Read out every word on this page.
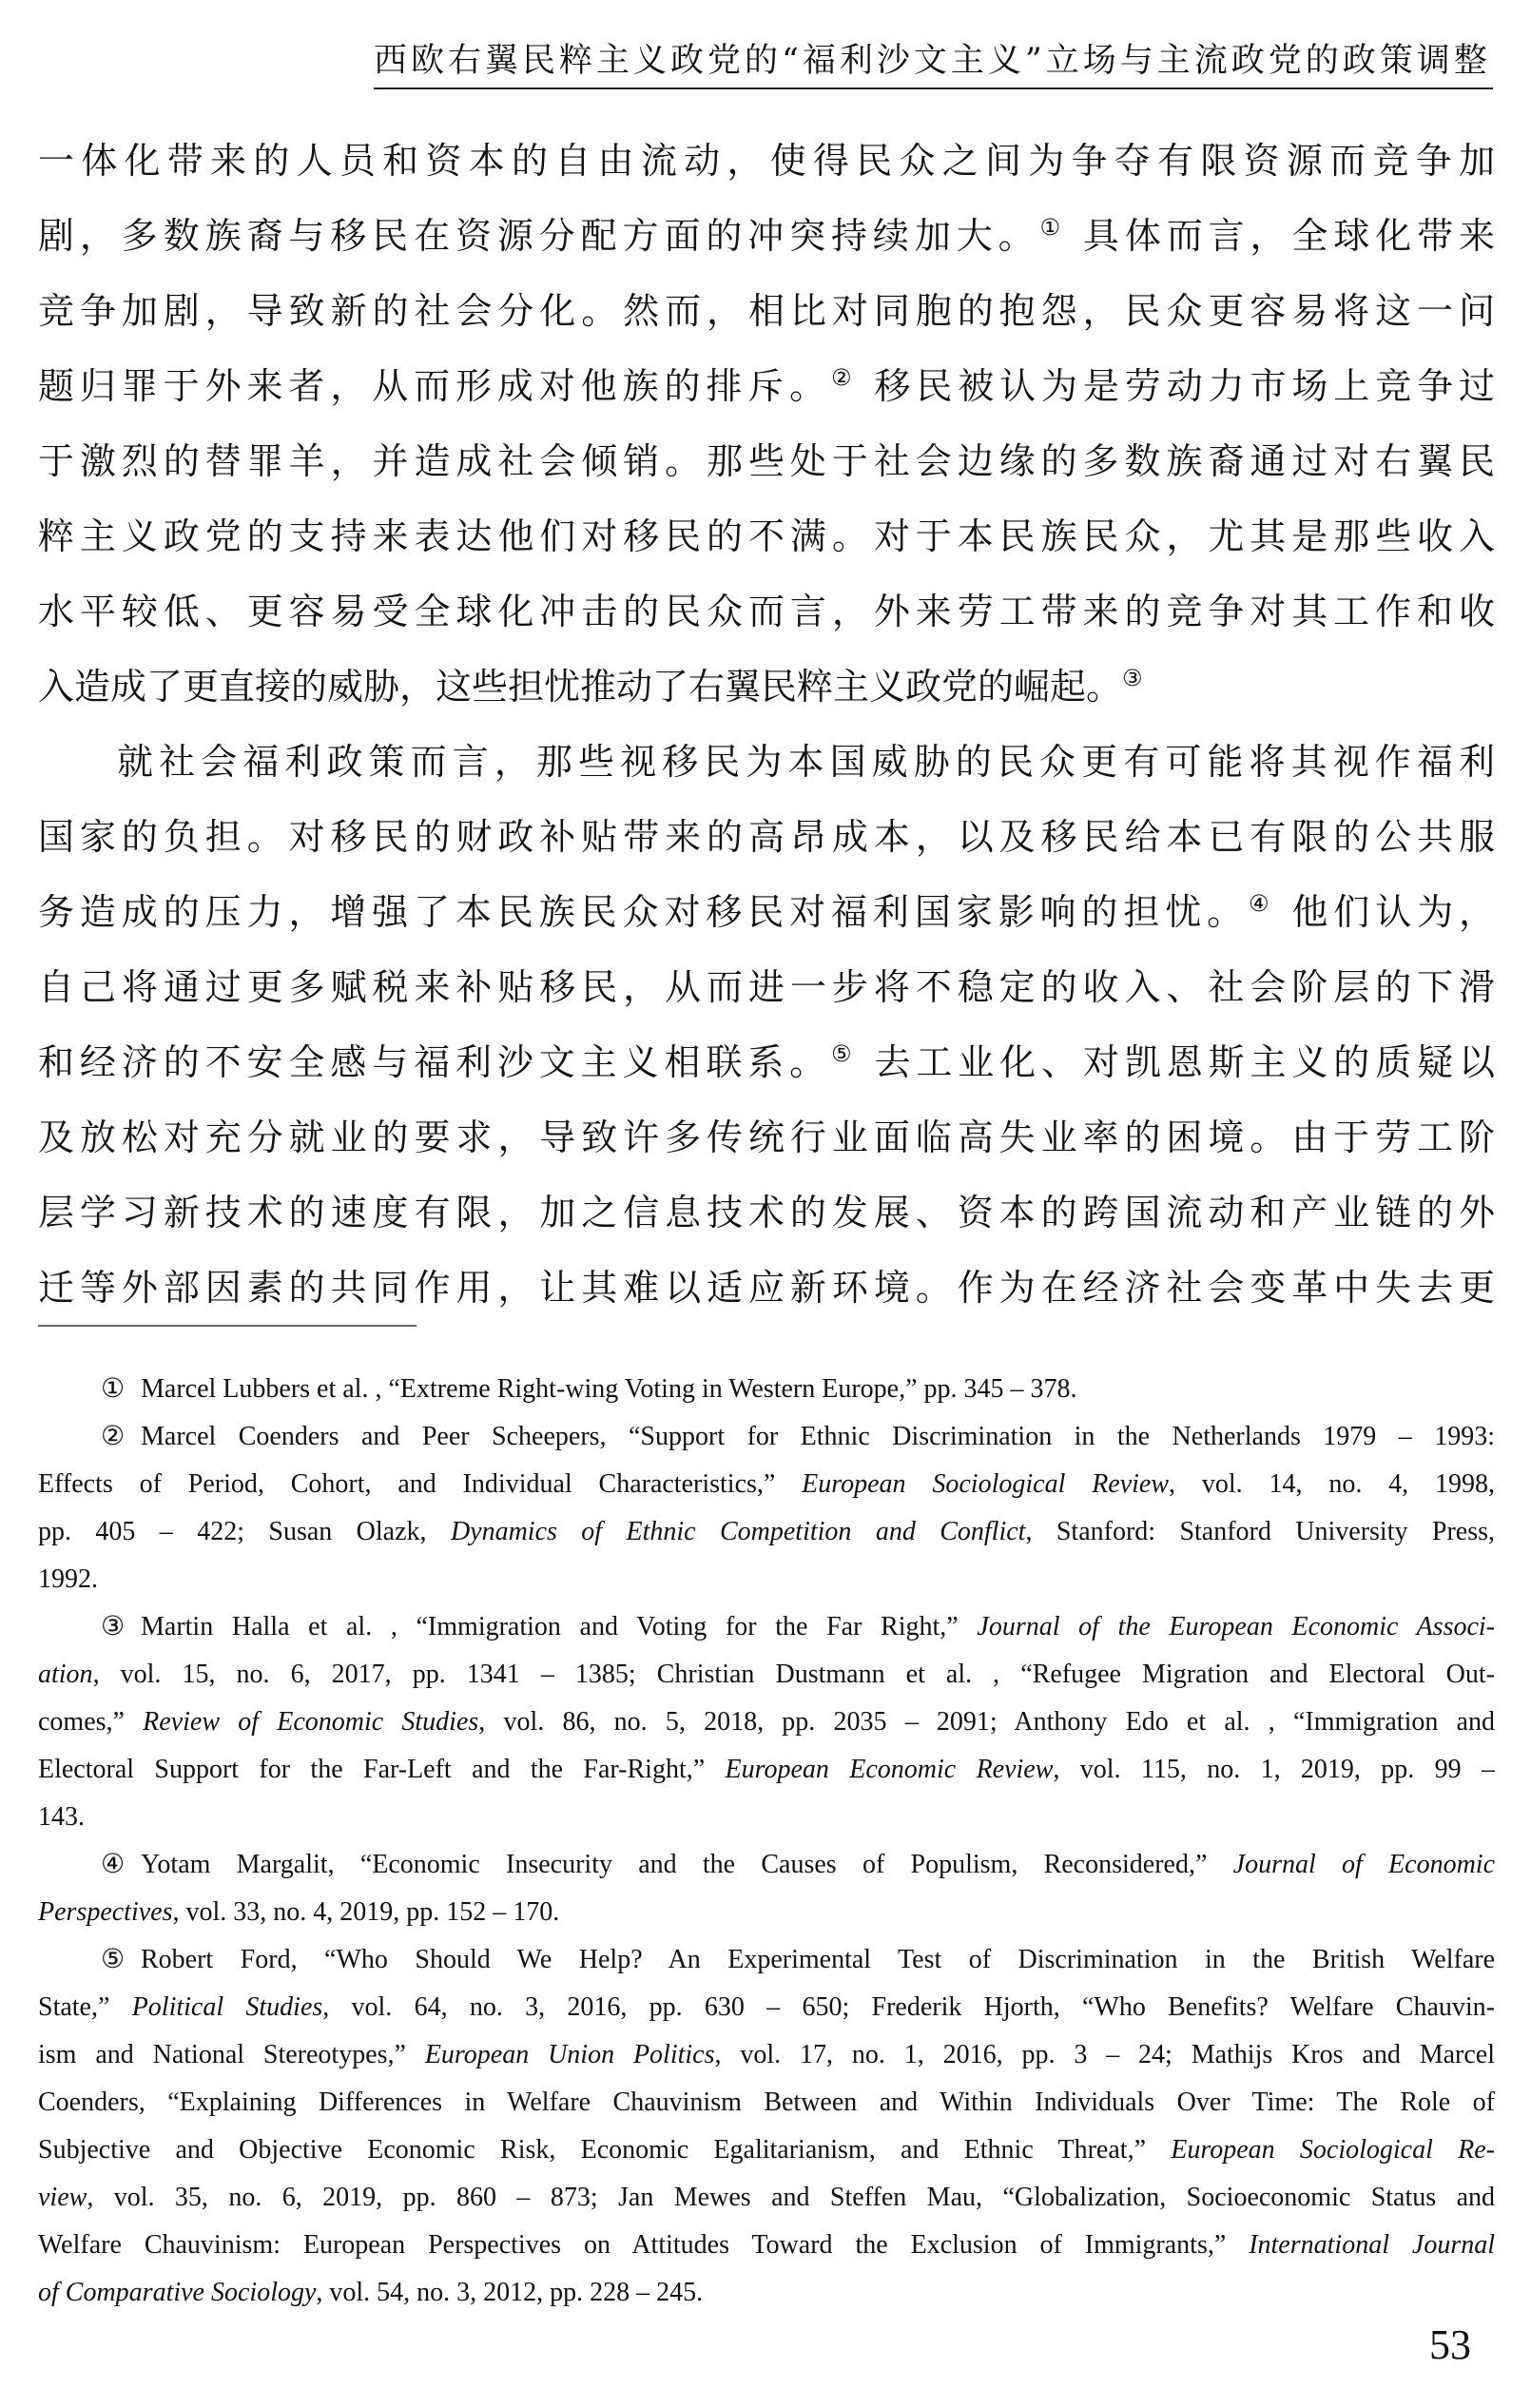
西欧右翼民粹主义政党的“福利沙文主义”立场与主流政党的政策调整
一体化带来的人员和资本的自由流动，使得民众之间为争夺有限资源而竞争加
剧，多数族裔与移民在资源分配方面的冲突持续加大。① 具体而言，全球化带来
竞争加剧，导致新的社会分化。然而，相比对同胞的抱怨，民众更容易将这一问
题归罪于外来者，从而形成对他族的排斥。② 移民被认为是劳动力市场上竞争过
于激烈的替罪羊，并造成社会倾销。那些处于社会边缘的多数族裔通过对右翼民
粹主义政党的支持来表达他们对移民的不满。对于本民族民众，尤其是那些收入
水平较低、更容易受全球化冲击的民众而言，外来劳工带来的竞争对其工作和收
入造成了更直接的威胁，这些担忧推动了右翼民粹主义政党的崛起。③
就社会福利政策而言，那些视移民为本国威胁的民众更有可能将其视作福利
国家的负担。对移民的财政补贴带来的高昂成本，以及移民给本已有限的公共服
务造成的压力，增强了本民族民众对移民对福利国家影响的担忧。④ 他们认为，
自己将通过更多赋税来补贴移民，从而进一步将不稳定的收入、社会阶层的下滑
和经济的不安全感与福利沙文主义相联系。⑤ 去工业化、对凯恩斯主义的质疑以
及放松对充分就业的要求，导致许多传统行业面临高失业率的困境。由于劳工阶
层学习新技术的速度有限，加之信息技术的发展、资本的跨国流动和产业链的外
迁等外部因素的共同作用，让其难以适应新环境。作为在经济社会变革中失去更
① Marcel Lubbers et al. , “Extreme Right-wing Voting in Western Europe,” pp. 345 – 378.
② Marcel Coenders and Peer Scheepers, “Support for Ethnic Discrimination in the Netherlands 1979 – 1993:
Effects of Period, Cohort, and Individual Characteristics,” European Sociological Review, vol. 14, no. 4, 1998,
pp. 405 – 422; Susan Olazk, Dynamics of Ethnic Competition and Conflict, Stanford: Stanford University Press,
1992.
③ Martin Halla et al. , “Immigration and Voting for the Far Right,” Journal of the European Economic Associ-
ation, vol. 15, no. 6, 2017, pp. 1341 – 1385; Christian Dustmann et al. , “Refugee Migration and Electoral Out-
comes,” Review of Economic Studies, vol. 86, no. 5, 2018, pp. 2035 – 2091; Anthony Edo et al. , “Immigration and
Electoral Support for the Far-Left and the Far-Right,” European Economic Review, vol. 115, no. 1, 2019, pp. 99 –
143.
④ Yotam Margalit, “Economic Insecurity and the Causes of Populism, Reconsidered,” Journal of Economic
Perspectives, vol. 33, no. 4, 2019, pp. 152 – 170.
⑤ Robert Ford, “Who Should We Help? An Experimental Test of Discrimination in the British Welfare
State,” Political Studies, vol. 64, no. 3, 2016, pp. 630 – 650; Frederik Hjorth, “Who Benefits? Welfare Chauvin-
ism and National Stereotypes,” European Union Politics, vol. 17, no. 1, 2016, pp. 3 – 24; Mathijs Kros and Marcel
Coenders, “Explaining Differences in Welfare Chauvinism Between and Within Individuals Over Time: The Role of
Subjective and Objective Economic Risk, Economic Egalitarianism, and Ethnic Threat,” European Sociological Re-
view, vol. 35, no. 6, 2019, pp. 860 – 873; Jan Mewes and Steffen Mau, “Globalization, Socioeconomic Status and
Welfare Chauvinism: European Perspectives on Attitudes Toward the Exclusion of Immigrants,” International Journal
of Comparative Sociology, vol. 54, no. 3, 2012, pp. 228 – 245.
53
